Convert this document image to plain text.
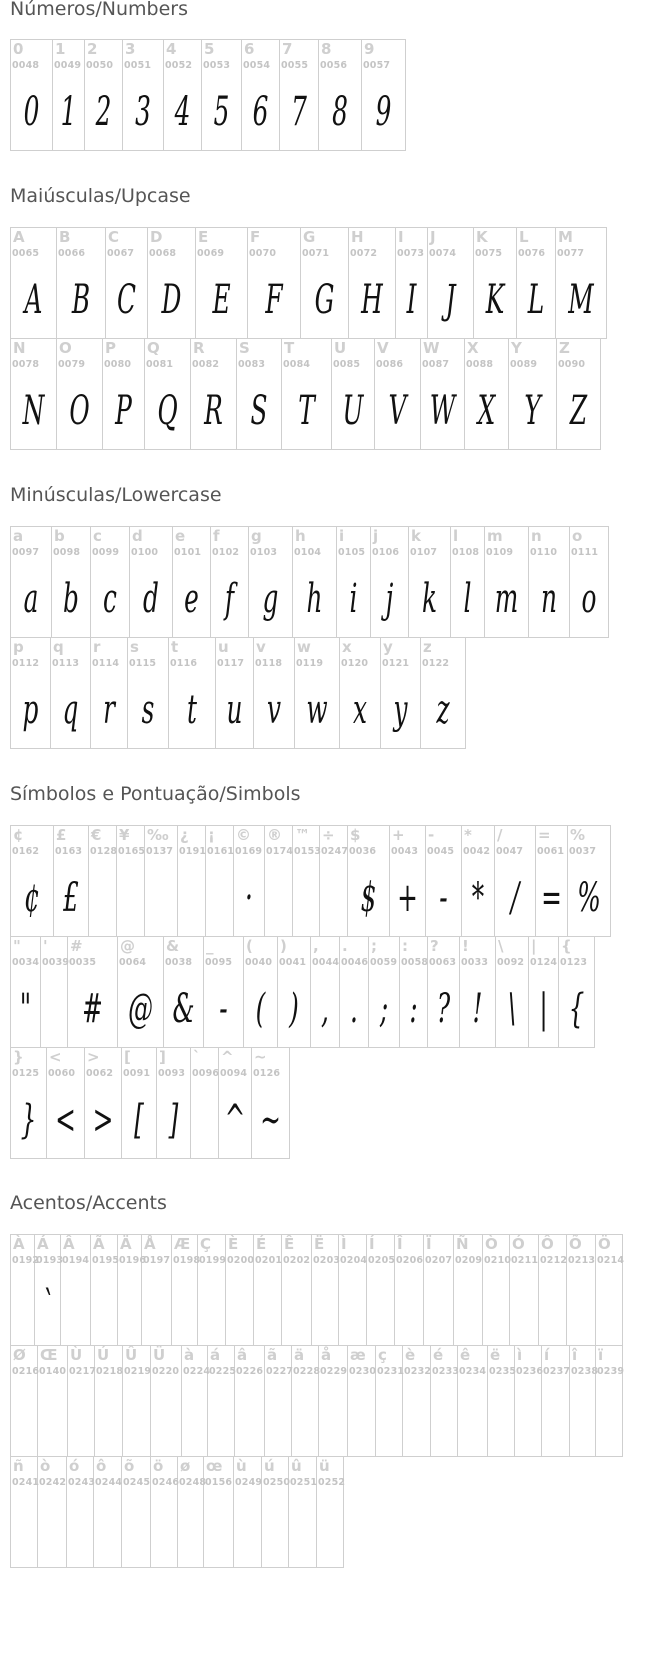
Números/Numbers
Maiúsculas/Upcase
Minúsculas/Lowercase
Símbolos e Pontuação/Simbols
Acentos/Accents
0
0048
0
1
0049
1
2
0050
2
3
0051
3
4
0052
4
5
0053
5
6
0054
6
7
0055
7
8
0056
8
9
0057
9
A
0065
A
B
0066
B
C
0067
C
D
0068
D
E
0069
E
F
0070
F
G
0071
G
H
0072
H
I
0073
I
J
0074
J
K
0075
K
L
0076
L
M
0077
M
N
0078
N
O
0079
O
P
0080
P
Q
0081
Q
R
0082
R
S
0083
S
T
0084
T
U
0085
U
V
0086
V
W
0087
W
X
0088
X
Y
0089
Y
Z
0090
Z
a
0097
a
b
0098
b
c
0099
c
d
0100
d
e
0101
e
f
0102
f
g
0103
g
h
0104
h
i
0105
i
j
0106
j
k
0107
k
l
0108
l
m
0109
m
n
0110
n
o
0111
o
p
0112
p
q
0113
q
r
0114
r
s
0115
s
t
0116
t
u
0117
u
v
0118
v
w
0119
w
x
0120
x
y
0121
y
z
0122
z
¢
0162
¢
£
0163
£
€
0128
¥
0165
‰
0137
¿
0191
¡
0161
©
0169
·
®
0174
™
0153
÷
0247
$
0036
$
+
0043
+
-
0045
-
*
0042
*
/
0047
/
=
0061
=
%
0037
%
"
0034
"
'
0039
#
0035
#
@
0064
@
&
0038
&
_
0095
-
(
0040
(
)
0041
)
,
0044
,
.
0046
.
;
0059
;
:
0058
:
?
0063
?
!
0033
!
\
0092
\
|
0124
|
{
0123
{
}
0125
}
<
0060
<
>
0062
>
[
0091
[
]
0093
]
`
0096
^
0094
^
~
0126
~
À
0192
Á
0193
`
Â
0194
Ã
0195
Ä
0196
Å
0197
Æ
0198
Ç
0199
È
0200
É
0201
Ê
0202
Ë
0203
Ì
0204
Í
0205
Î
0206
Ï
0207
Ñ
0209
Ò
0210
Ó
0211
Ô
0212
Õ
0213
Ö
0214
Ø
0216
Œ
0140
Ù
0217
Ú
0218
Û
0219
Ü
0220
à
0224
á
0225
â
0226
ã
0227
ä
0228
å
0229
æ
0230
ç
0231
è
0232
é
0233
ê
0234
ë
0235
ì
0236
í
0237
î
0238
ï
0239
ñ
0241
ò
0242
ó
0243
ô
0244
õ
0245
ö
0246
ø
0248
œ
0156
ù
0249
ú
0250
û
0251
ü
0252
